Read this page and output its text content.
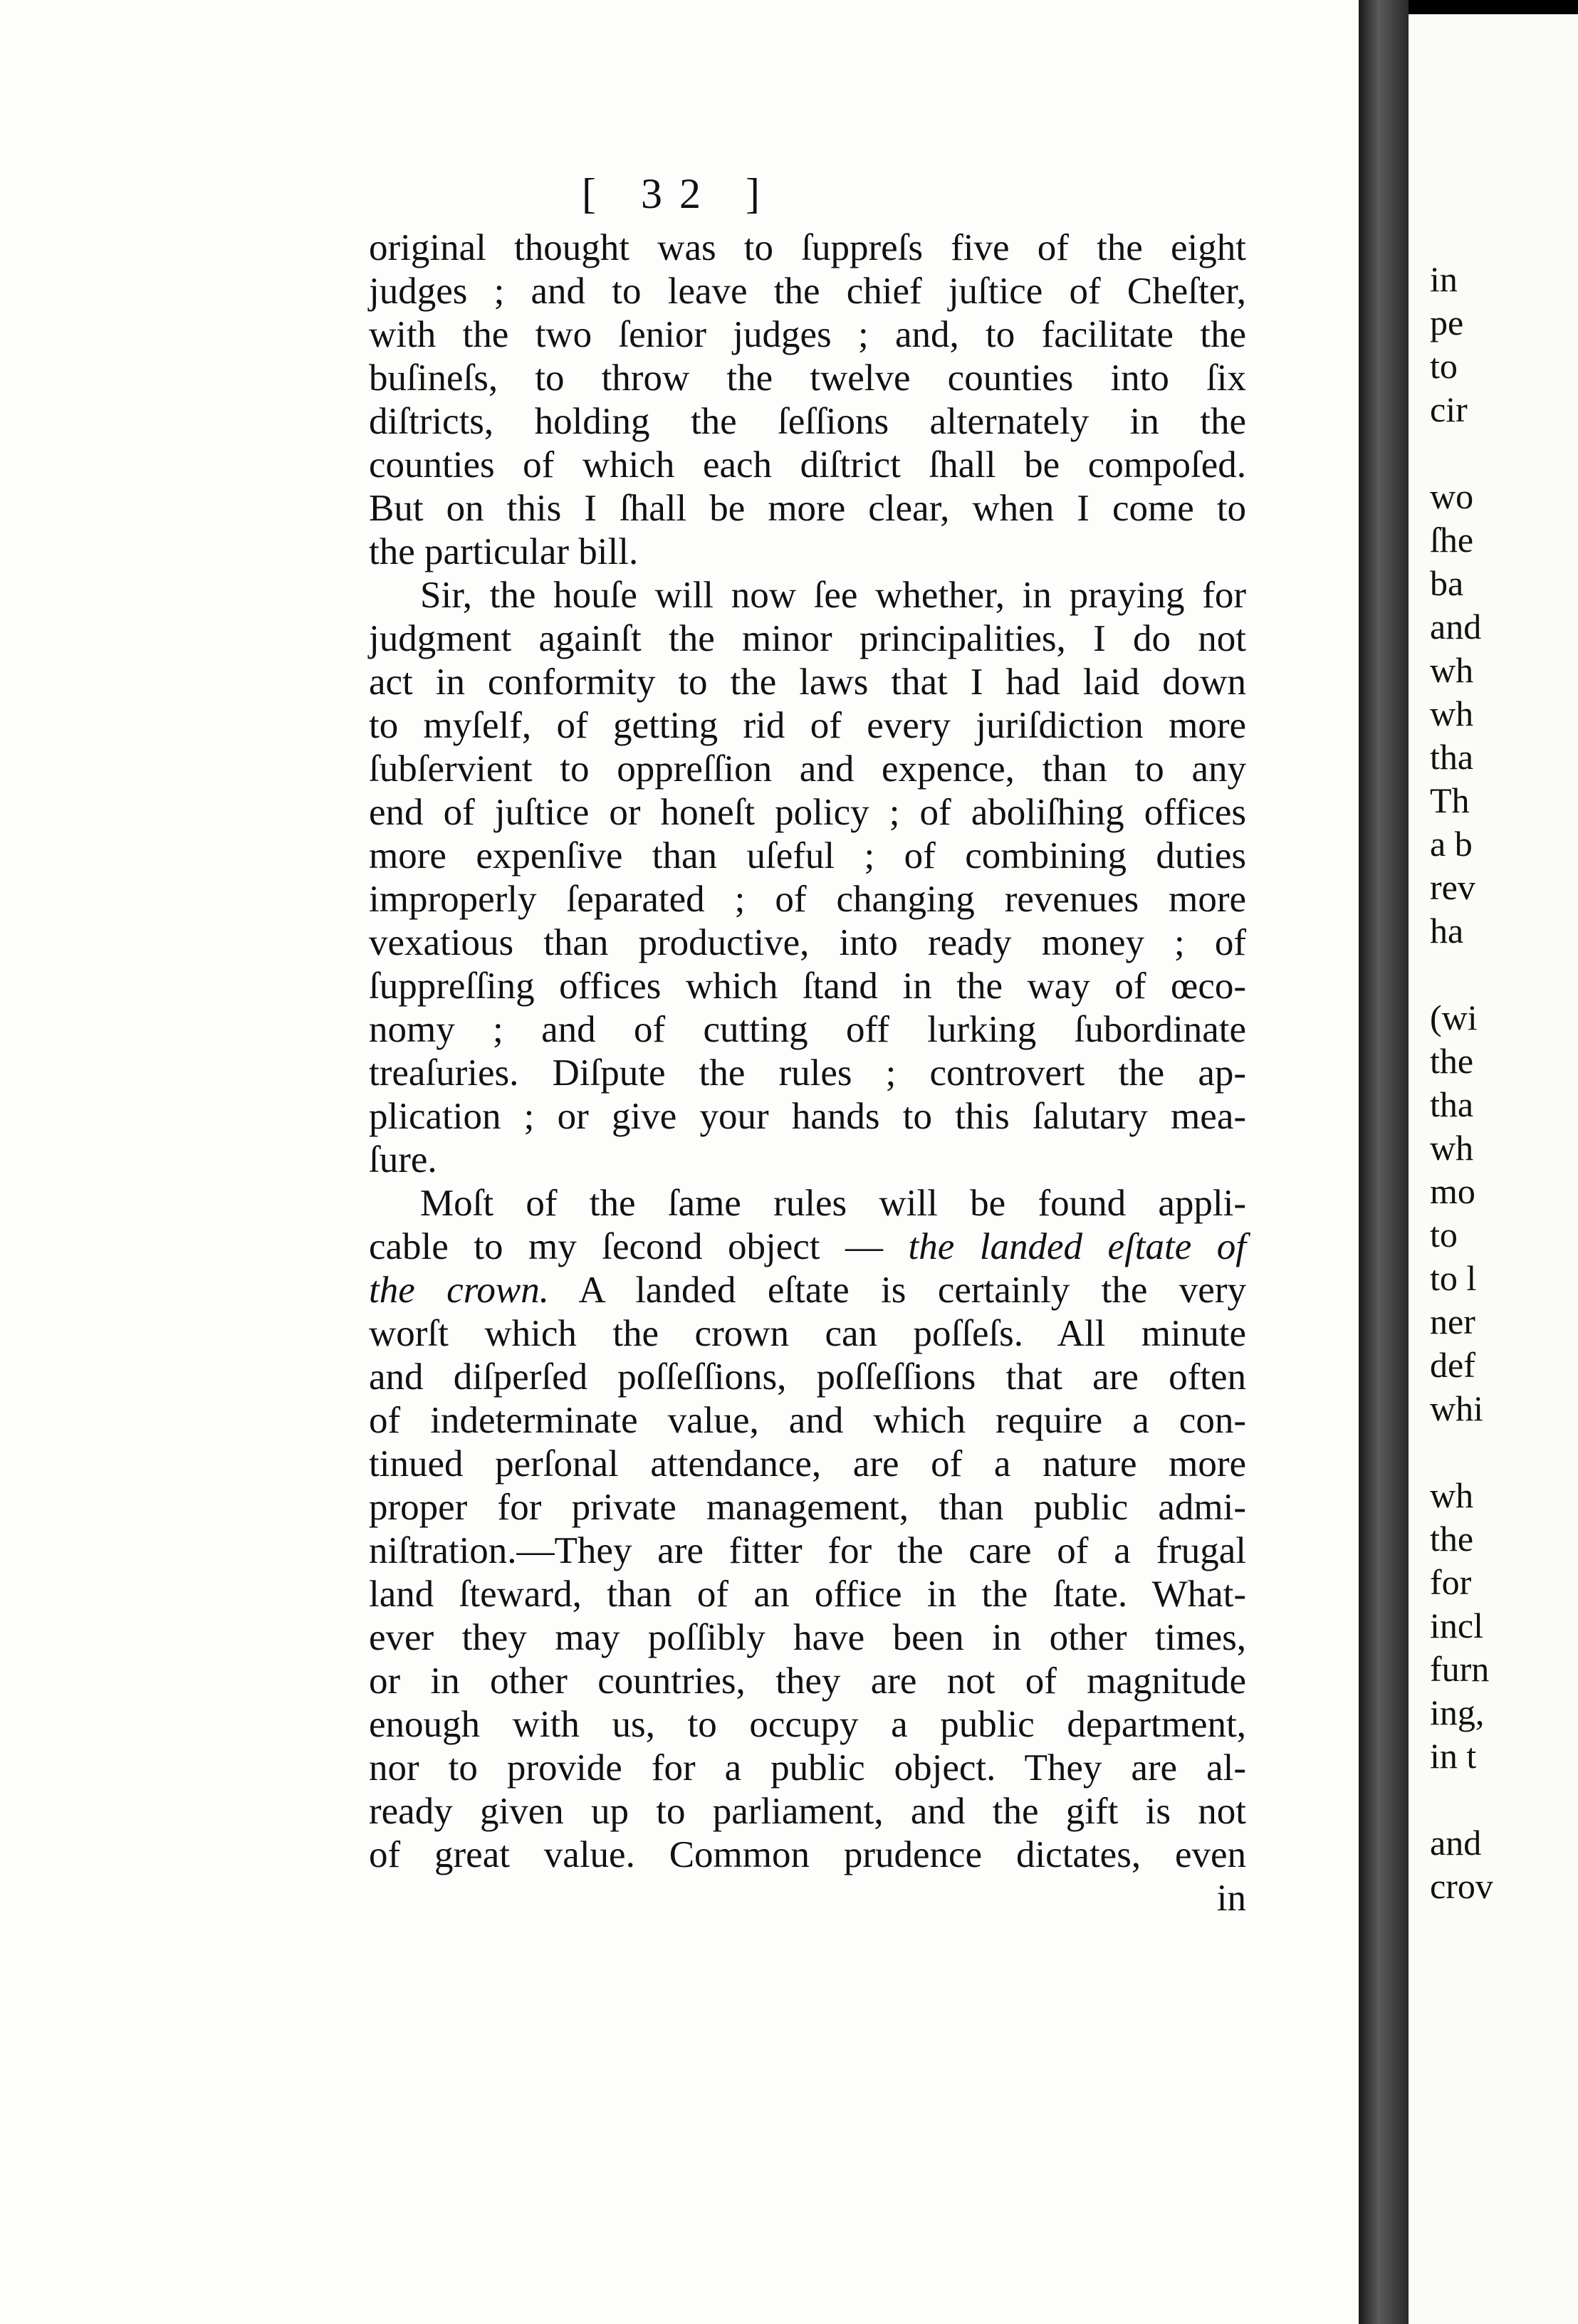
[ 32 ]
original thought was to ſuppreſs five of the eight
judges ; and to leave the chief juſtice of Cheſter,
with the two ſenior judges ; and, to facilitate the
buſineſs, to throw the twelve counties into ſix
diſtricts, holding the ſeſſions alternately in the
counties of which each diſtrict ſhall be compoſed.
But on this I ſhall be more clear, when I come to
the particular bill.
Sir, the houſe will now ſee whether, in praying for
judgment againſt the minor principalities, I do not
act in conformity to the laws that I had laid down
to myſelf, of getting rid of every juriſdiction more
ſubſervient to oppreſſion and expence, than to any
end of juſtice or honeſt policy ; of aboliſhing offices
more expenſive than uſeful ; of combining duties
improperly ſeparated ; of changing revenues more
vexatious than productive, into ready money ; of
ſuppreſſing offices which ſtand in the way of œco-
nomy ; and of cutting off lurking ſubordinate
treaſuries. Diſpute the rules ; controvert the ap-
plication ; or give your hands to this ſalutary mea-
ſure.
Moſt of the ſame rules will be found appli-
cable to my ſecond object — the landed eſtate of
the crown. A landed eſtate is certainly the very
worſt which the crown can poſſeſs. All minute
and diſperſed poſſeſſions, poſſeſſions that are often
of indeterminate value, and which require a con-
tinued perſonal attendance, are of a nature more
proper for private management, than public admi-
niſtration.—They are fitter for the care of a frugal
land ſteward, than of an office in the ſtate. What-
ever they may poſſibly have been in other times,
or in other countries, they are not of magnitude
enough with us, to occupy a public department,
nor to provide for a public object. They are al-
ready given up to parliament, and the gift is not
of great value. Common prudence dictates, even
in
in
pe
to
cir
wo
ſhe
ba
and
wh
wh
tha
Th
a b
rev
ha
(wi
the
tha
wh
mo
to
to l
ner
def
whi
wh
the
for
incl
furn
ing,
in t
and
crov
